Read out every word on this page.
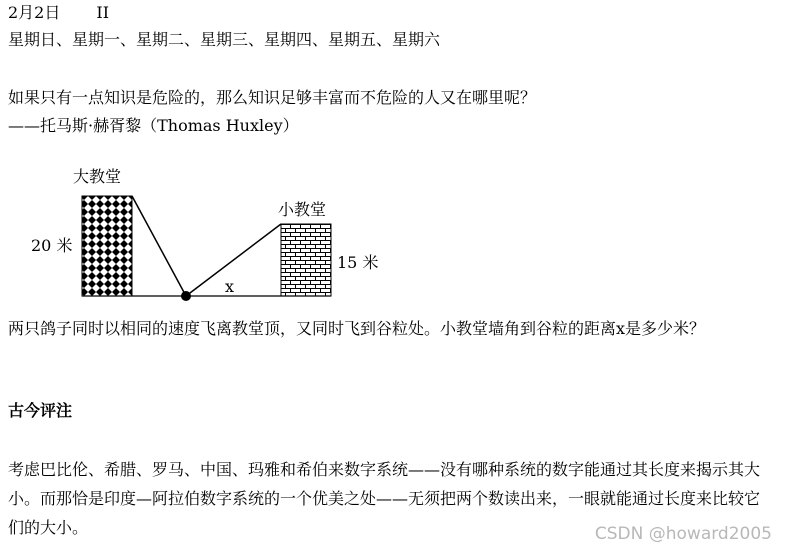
2月2日 II
星期日、星期一、星期二、星期三、星期四、星期五、星期六
如果只有一点知识是危险的，那么知识足够丰富而不危险的人又在哪里呢？
——托马斯·赫胥黎（Thomas Huxley）
大教堂
20 米
小教堂
15 米
x
两只鸽子同时以相同的速度飞离教堂顶，又同时飞到谷粒处。小教堂墙角到谷粒的距离x是多少米？
古今评注
考虑巴比伦、希腊、罗马、中国、玛雅和希伯来数字系统——没有哪种系统的数字能通过其长度来揭示其大小。而那恰是印度—阿拉伯数字系统的一个优美之处——无须把两个数读出来，一眼就能通过长度来比较它们的大小。	CSDN @howard2005
